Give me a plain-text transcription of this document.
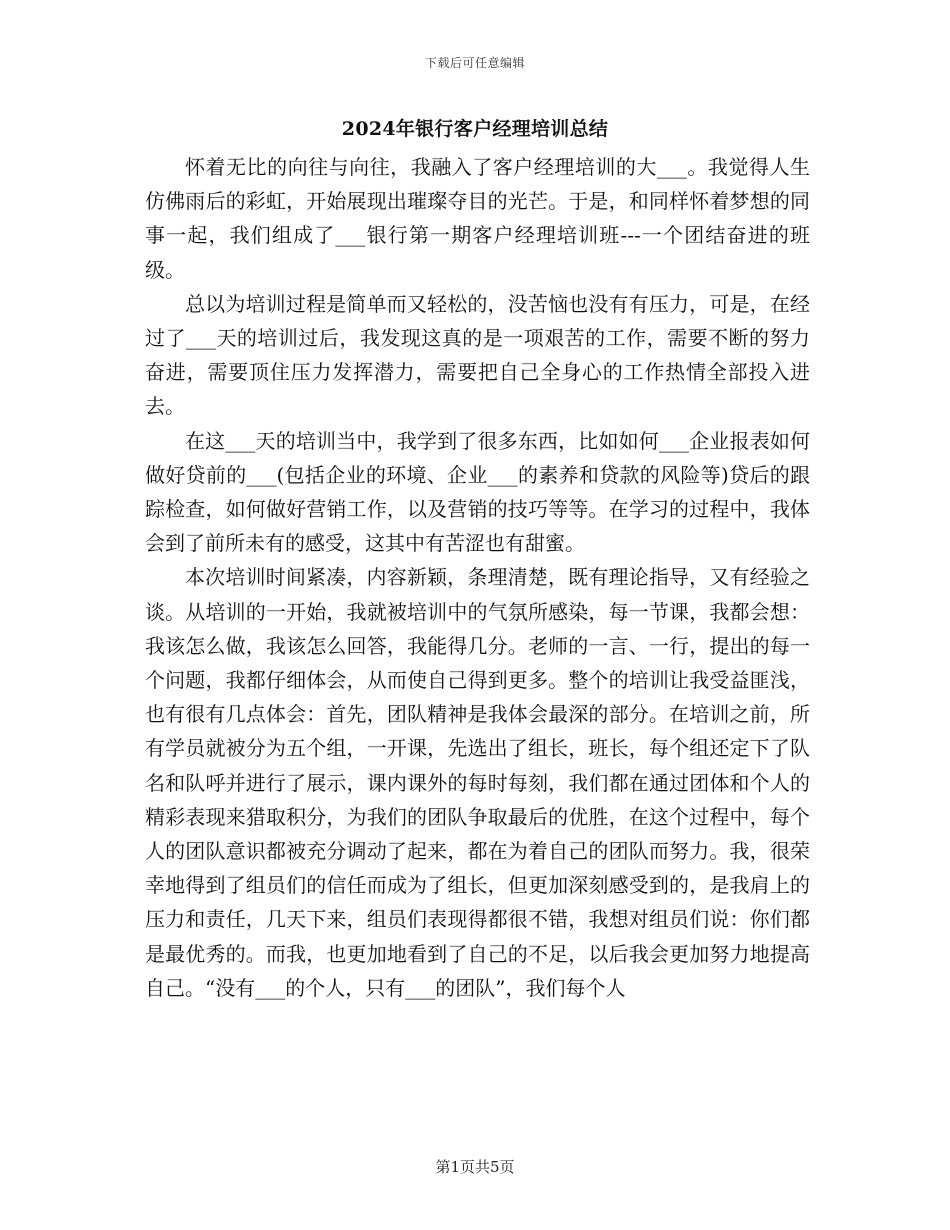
下载后可任意编辑
2024年银行客户经理培训总结

怀着无比的向往与向往，我融入了客户经理培训的大___。我觉得人生仿佛雨后的彩虹，开始展现出璀璨夺目的光芒。于是，和同样怀着梦想的同事一起，我们组成了___银行第一期客户经理培训班---一个团结奋进的班级。

总以为培训过程是简单而又轻松的，没苦恼也没有有压力，可是，在经过了___天的培训过后，我发现这真的是一项艰苦的工作，需要不断的努力奋进，需要顶住压力发挥潜力，需要把自己全身心的工作热情全部投入进去。

在这___天的培训当中，我学到了很多东西，比如如何___企业报表如何做好贷前的___(包括企业的环境、企业___的素养和贷款的风险等)贷后的跟踪检查，如何做好营销工作，以及营销的技巧等等。在学习的过程中，我体会到了前所未有的感受，这其中有苦涩也有甜蜜。

本次培训时间紧凑，内容新颖，条理清楚，既有理论指导，又有经验之谈。从培训的一开始，我就被培训中的气氛所感染，每一节课，我都会想：我该怎么做，我该怎么回答，我能得几分。老师的一言、一行，提出的每一个问题，我都仔细体会，从而使自己得到更多。整个的培训让我受益匪浅，也有很有几点体会：首先，团队精神是我体会最深的部分。在培训之前，所有学员就被分为五个组，一开课，先选出了组长，班长，每个组还定下了队名和队呼并进行了展示，课内课外的每时每刻，我们都在通过团体和个人的精彩表现来猎取积分，为我们的团队争取最后的优胜，在这个过程中，每个人的团队意识都被充分调动了起来，都在为着自己的团队而努力。我，很荣幸地得到了组员们的信任而成为了组长，但更加深刻感受到的，是我肩上的压力和责任，几天下来，组员们表现得都很不错，我想对组员们说：你们都是最优秀的。而我，也更加地看到了自己的不足，以后我会更加努力地提高自己。“没有___的个人，只有___的团队”，我们每个人

第1页共5页
